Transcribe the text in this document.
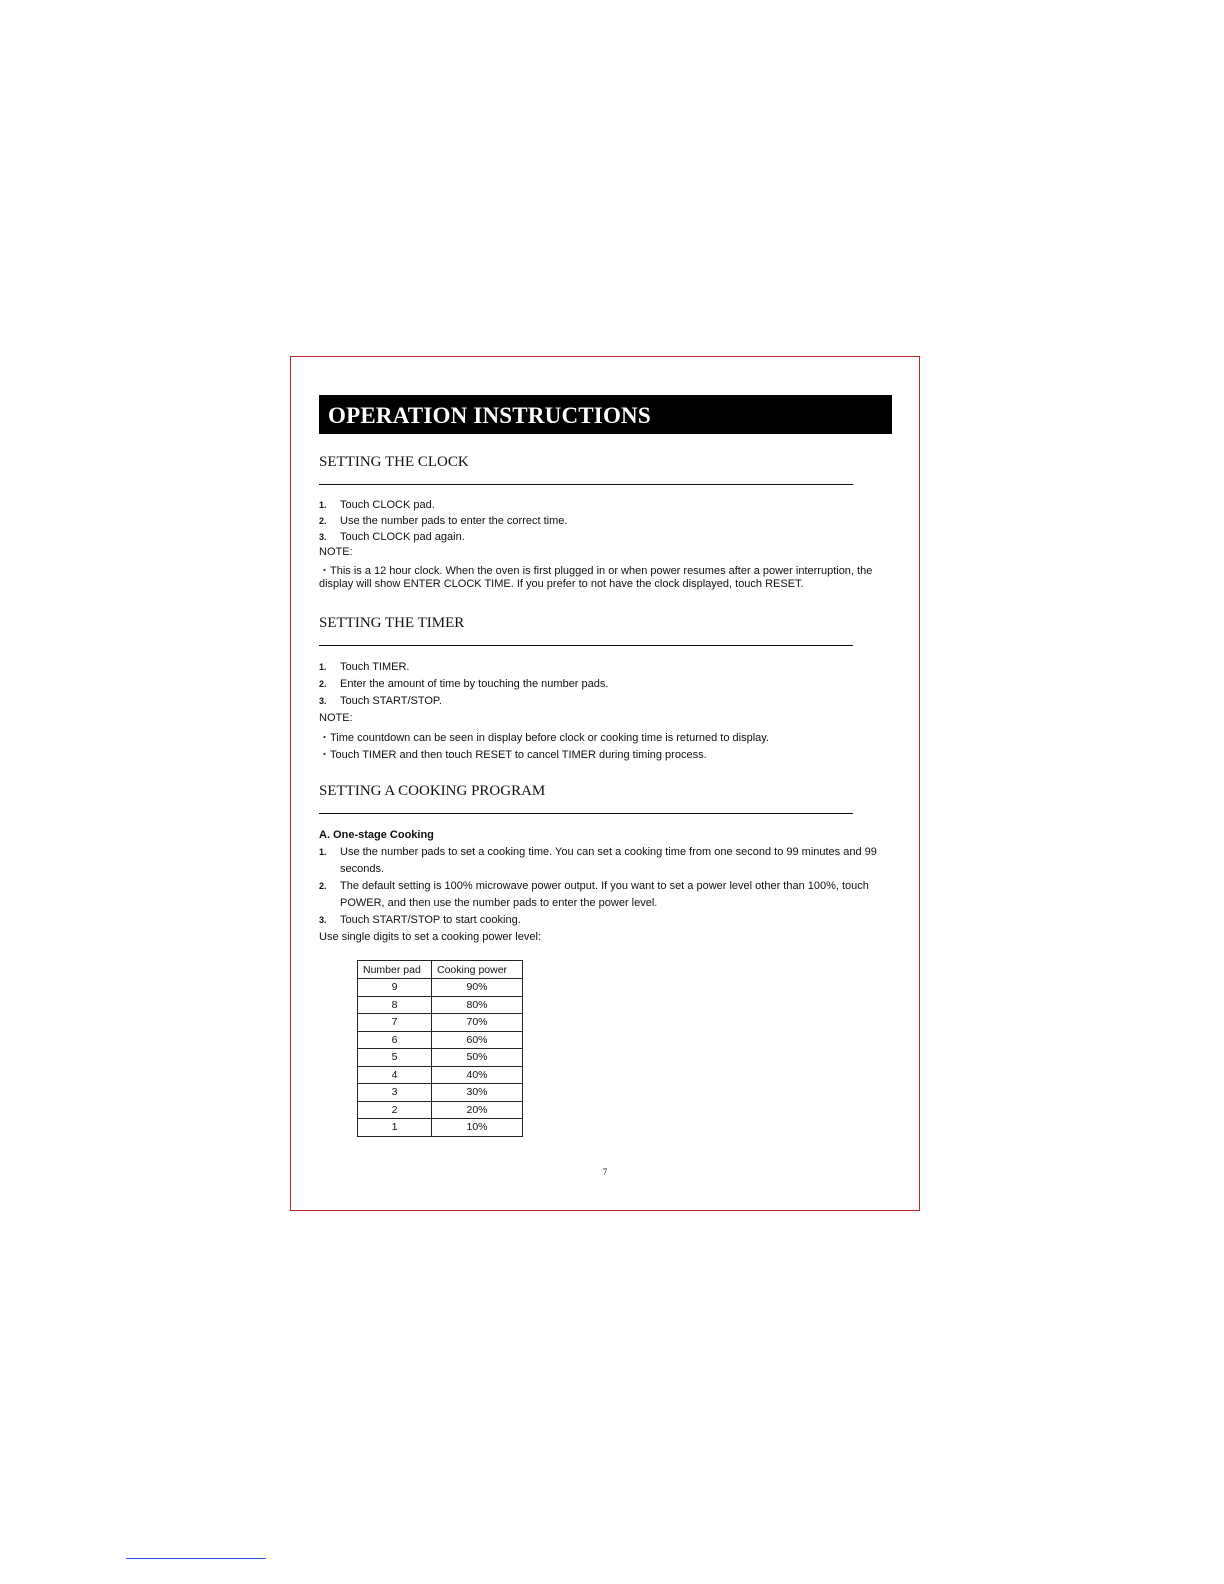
OPERATION INSTRUCTIONS
SETTING THE CLOCK
1. Touch CLOCK pad.
2. Use the number pads to enter the correct time.
3. Touch CLOCK pad again.
NOTE:
・This is a 12 hour clock. When the oven is first plugged in or when power resumes after a power interruption, the
display will show ENTER CLOCK TIME. If you prefer to not have the clock displayed, touch RESET.
SETTING THE TIMER
1. Touch TIMER.
2. Enter the amount of time by touching the number pads.
3. Touch START/STOP.
NOTE:
・Time countdown can be seen in display before clock or cooking time is returned to display.
・Touch TIMER and then touch RESET to cancel TIMER during timing process.
SETTING A COOKING PROGRAM
A. One-stage Cooking
1. Use the number pads to set a cooking time. You can set a cooking time from one second to 99 minutes and 99
seconds.
2. The default setting is 100% microwave power output. If you want to set a power level other than 100%, touch
POWER, and then use the number pads to enter the power level.
3. Touch START/STOP to start cooking.
Use single digits to set a cooking power level:
Number pad	Cooking power
9	90%
8	80%
7	70%
6	60%
5	50%
4	40%
3	30%
2	20%
1	10%
7
